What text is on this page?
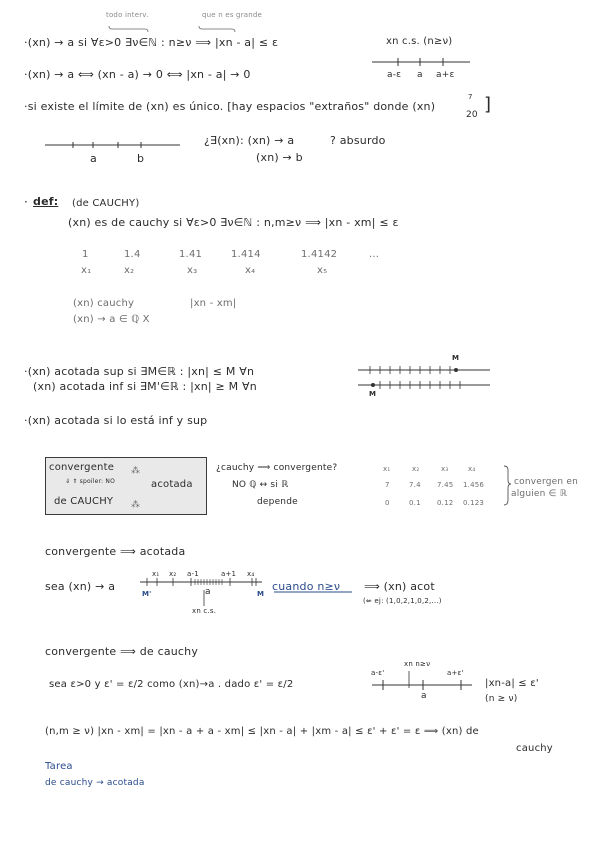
todo interv.	que n es grande
·(xn) → a si ∀ε>0 ∃ν∈ℕ : n≥ν ⟹ |xn - a| ≤ ε	xn c.s. (n≥ν)
a-ε a a+ε
·(xn) → a ⟺ (xn - a) → 0 ⟺ |xn - a| → 0
·si existe el límite de (xn) es único. [hay espacios "extraños" donde (xn)
7
20 ]
a	b
¿∃(xn): (xn) → a
(xn) → b
? absurdo
· def: (de CAUCHY)
(xn) es de cauchy si ∀ε>0 ∃ν∈ℕ : n,m≥ν ⟹ |xn - xm| ≤ ε
1	1.4	1.41	1.414	1.4142	...
x₁	x₂	x₃	x₄	x₅
(xn) cauchy	|xn - xm|
(xn) → a ∈ ℚ X
·(xn) acotada sup si ∃M∈ℝ : |xn| ≤ M ∀n
(xn) acotada inf si ∃M'∈ℝ : |xn| ≥ M ∀n
M
M
·(xn) acotada si lo está inf y sup
convergente
⇓ ⇑ spoiler: NO	acotada
de CAUCHY
¿cauchy ⟹ convergente?
NO ℚ ↔ si ℝ
depende
x₁	x₂	x₃	x₄
7	7.4 7.45 1.456
0	0.1 0.12 0.123
convergen en
alguien ∈ ℝ
convergente ⟹ acotada
sea (xn) → a
x₁ x₂ a-1	a+1 x₄
a
xn c.s.
M'	M
cuando n≥ν ⟹ (xn) acot
(⇍ ej: (1,0,2,1,0,2,...)
convergente ⟹ de cauchy
sea ε>0 y ε' = ε/2 como (xn)→a . dado ε' = ε/2
xn n≥ν
a-ε'	a+ε'
a
|xn-a| ≤ ε'
(n ≥ ν)
(n,m ≥ ν) |xn - xm| = |xn - a + a - xm| ≤ |xn - a| + |xm - a| ≤ ε' + ε' = ε ⟹ (xn) de
cauchy
Tarea
de cauchy → acotada
⁂
⁂
